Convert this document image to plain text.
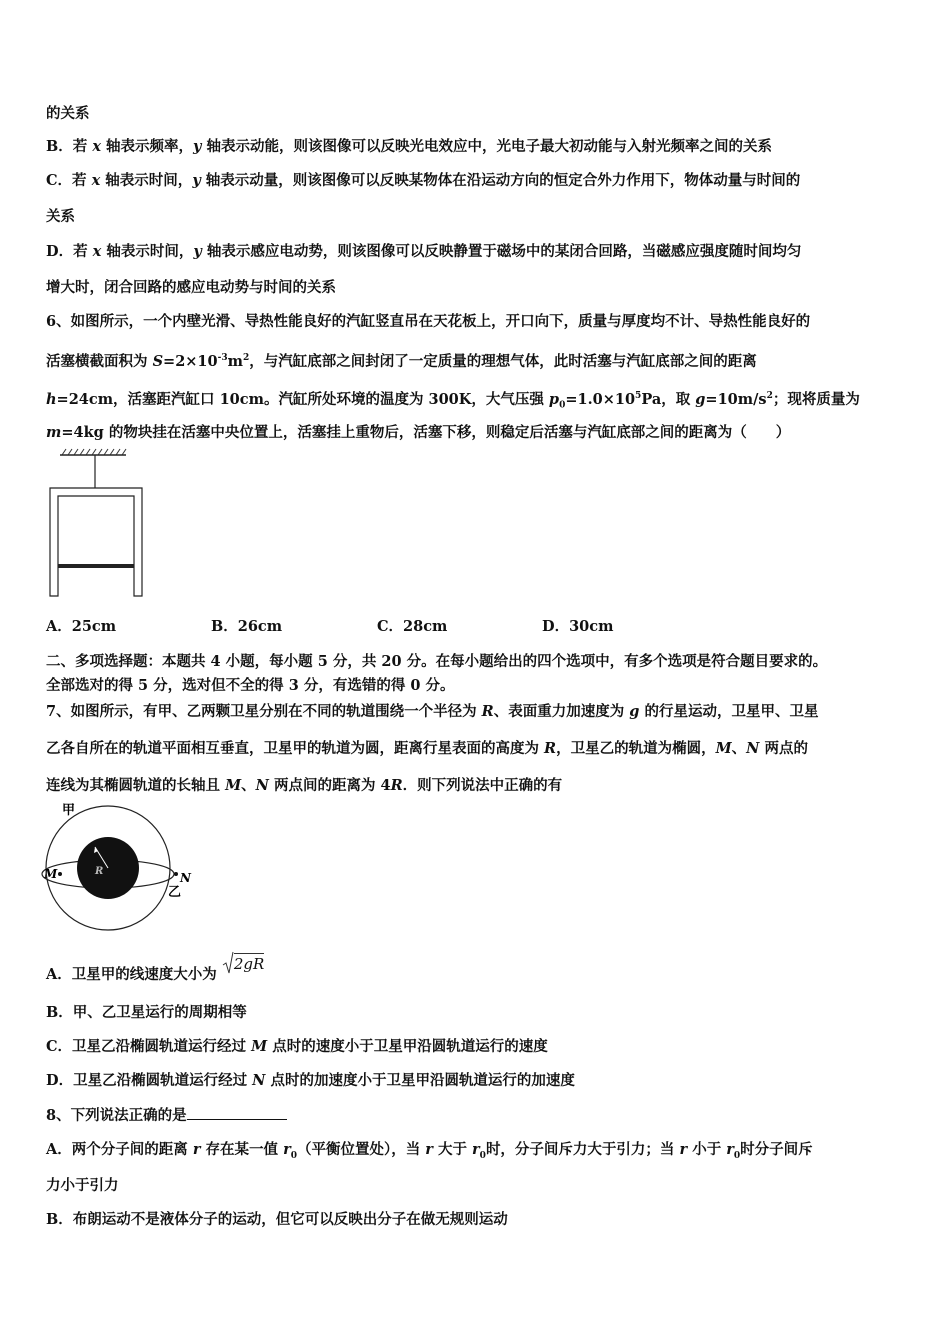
的关系
B．若 x 轴表示频率，y 轴表示动能，则该图像可以反映光电效应中，光电子最大初动能与入射光频率之间的关系
C．若 x 轴表示时间，y 轴表示动量，则该图像可以反映某物体在沿运动方向的恒定合外力作用下，物体动量与时间的
关系
D．若 x 轴表示时间，y 轴表示感应电动势，则该图像可以反映静置于磁场中的某闭合回路，当磁感应强度随时间均匀
增大时，闭合回路的感应电动势与时间的关系
6、如图所示，一个内壁光滑、导热性能良好的汽缸竖直吊在天花板上，开口向下，质量与厚度均不计、导热性能良好的
活塞横截面积为 $S=2\times 10^{-3}m^2$，与汽缸底部之间封闭了一定质量的理想气体，此时活塞与汽缸底部之间的距离
h=24cm，活塞距汽缸口 10cm。汽缸所处环境的温度为 300K，大气压强 $p_0=1.0\times 10^5Pa$，取 $g=10m/s^2$；现将质量为
m=4kg 的物块挂在活塞中央位置上，活塞挂上重物后，活塞下移，则稳定后活塞与汽缸底部之间的距离为（　　）
A．25cm	B．26cm	C．28cm	D．30cm
二、多项选择题：本题共 4 小题，每小题 5 分，共 20 分。在每小题给出的四个选项中，有多个选项是符合题目要求的。
全部选对的得 5 分，选对但不全的得 3 分，有选错的得 0 分。
7、如图所示，有甲、乙两颗卫星分别在不同的轨道围绕一个半径为 R、表面重力加速度为 g 的行星运动，卫星甲、卫星
乙各自所在的轨道平面相互垂直，卫星甲的轨道为圆，距离行星表面的高度为 R，卫星乙的轨道为椭圆，M、N 两点的
连线为其椭圆轨道的长轴且 M、N 两点间的距离为 4R．则下列说法中正确的有
R
甲
M	N
乙
A．卫星甲的线速度大小为 2gR
B．甲、乙卫星运行的周期相等
C．卫星乙沿椭圆轨道运行经过 M 点时的速度小于卫星甲沿圆轨道运行的速度
D．卫星乙沿椭圆轨道运行经过 N 点时的加速度小于卫星甲沿圆轨道运行的加速度
8、下列说法正确的是
A．两个分子间的距离 r 存在某一值 $r_0$（平衡位置处），当 r 大于 $r_0$时，分子间斥力大于引力；当 r 小于 $r_0$时分子间斥
力小于引力
B．布朗运动不是液体分子的运动，但它可以反映出分子在做无规则运动
